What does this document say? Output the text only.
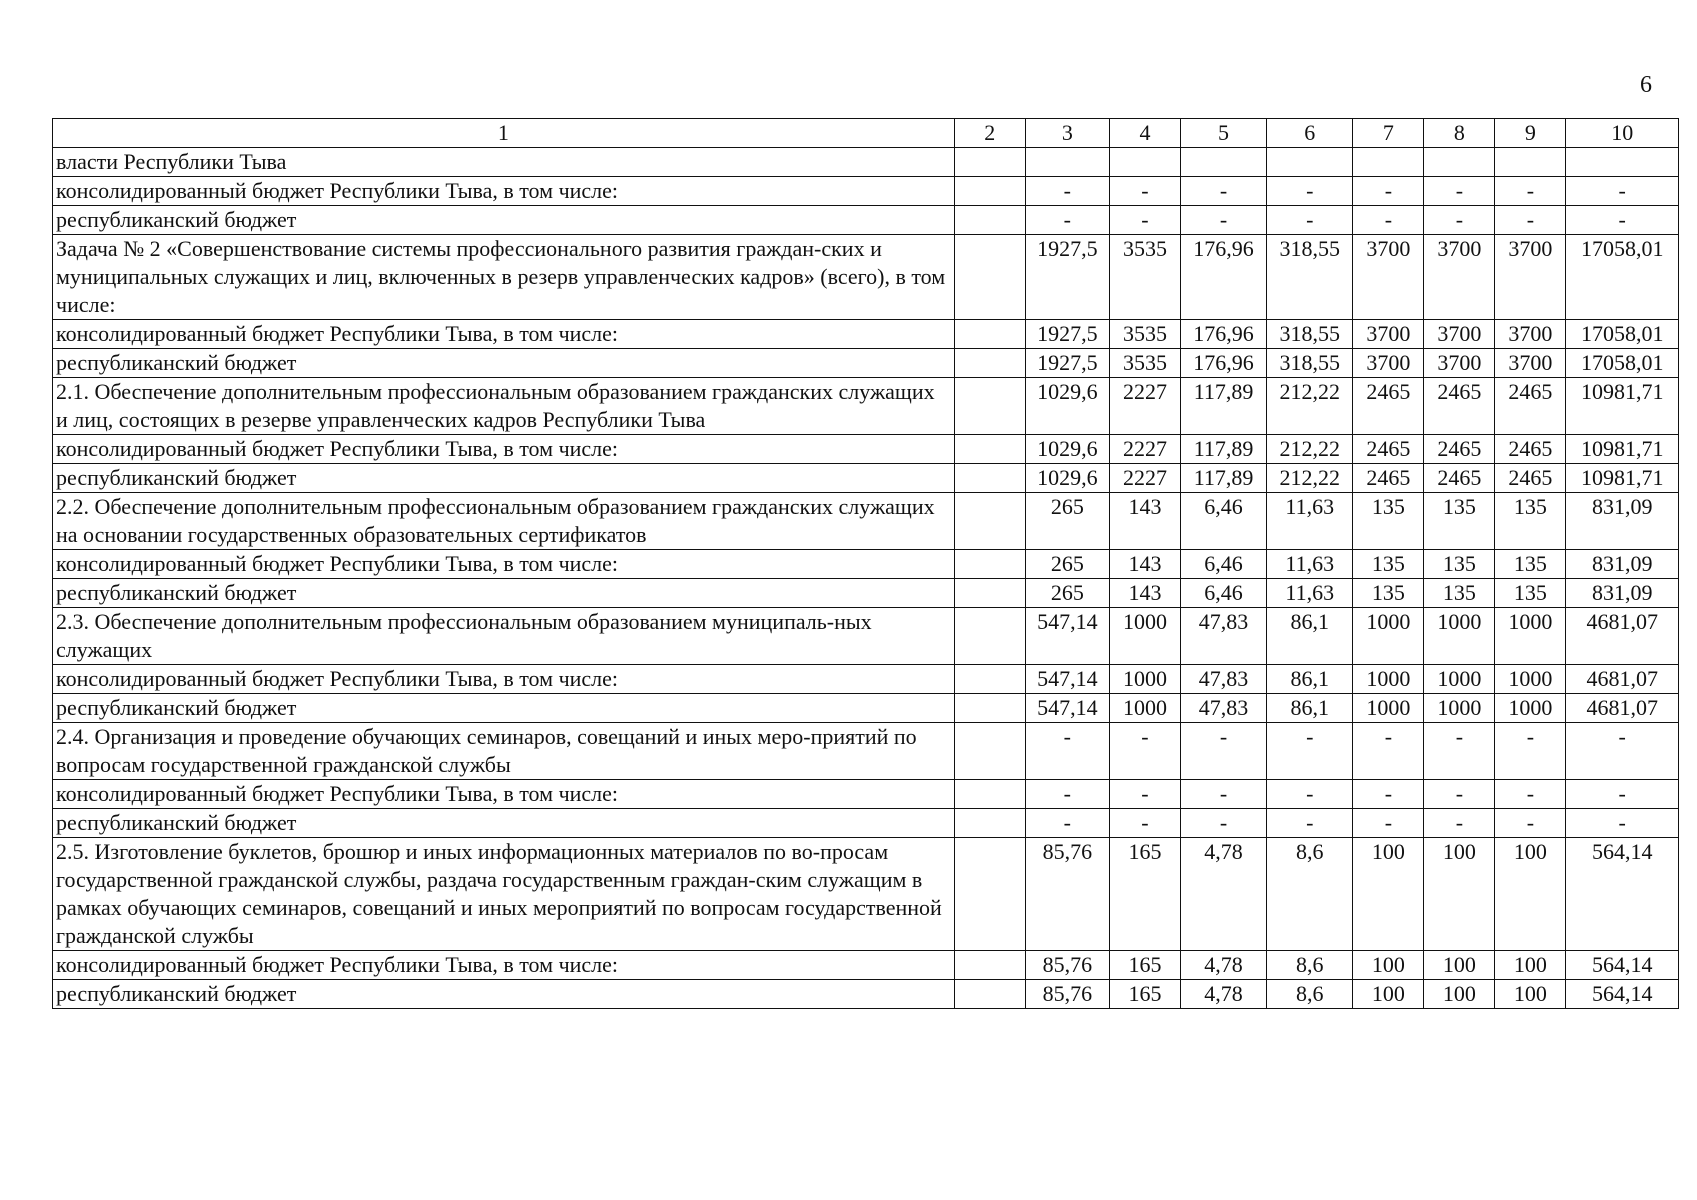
6
1	2	3	4	5	6	7	8	9	10
власти Республики Тыва									
консолидированный бюджет Республики Тыва, в том числе:		-	-	-	-	-	-	-	-
республиканский бюджет		-	-	-	-	-	-	-	-
Задача № 2 «Совершенствование системы профессионального развития граждан-ских и муниципальных служащих и лиц, включенных в резерв управленческих кадров» (всего), в том числе:		1927,5	3535	176,96	318,55	3700	3700	3700	17058,01
консолидированный бюджет Республики Тыва, в том числе:		1927,5	3535	176,96	318,55	3700	3700	3700	17058,01
республиканский бюджет		1927,5	3535	176,96	318,55	3700	3700	3700	17058,01
2.1. Обеспечение дополнительным профессиональным образованием гражданских служащих и лиц, состоящих в резерве управленческих кадров Республики Тыва		1029,6	2227	117,89	212,22	2465	2465	2465	10981,71
консолидированный бюджет Республики Тыва, в том числе:		1029,6	2227	117,89	212,22	2465	2465	2465	10981,71
республиканский бюджет		1029,6	2227	117,89	212,22	2465	2465	2465	10981,71
2.2. Обеспечение дополнительным профессиональным образованием гражданских служащих на основании государственных образовательных сертификатов		265	143	6,46	11,63	135	135	135	831,09
консолидированный бюджет Республики Тыва, в том числе:		265	143	6,46	11,63	135	135	135	831,09
республиканский бюджет		265	143	6,46	11,63	135	135	135	831,09
2.3. Обеспечение дополнительным профессиональным образованием муниципаль-ных служащих		547,14	1000	47,83	86,1	1000	1000	1000	4681,07
консолидированный бюджет Республики Тыва, в том числе:		547,14	1000	47,83	86,1	1000	1000	1000	4681,07
республиканский бюджет		547,14	1000	47,83	86,1	1000	1000	1000	4681,07
2.4. Организация и проведение обучающих семинаров, совещаний и иных меро-приятий по вопросам государственной гражданской службы		-	-	-	-	-	-	-	-
консолидированный бюджет Республики Тыва, в том числе:		-	-	-	-	-	-	-	-
республиканский бюджет		-	-	-	-	-	-	-	-
2.5. Изготовление буклетов, брошюр и иных информационных материалов по во-просам государственной гражданской службы, раздача государственным граждан-ским служащим в рамках обучающих семинаров, совещаний и иных мероприятий по вопросам государственной гражданской службы		85,76	165	4,78	8,6	100	100	100	564,14
консолидированный бюджет Республики Тыва, в том числе:		85,76	165	4,78	8,6	100	100	100	564,14
республиканский бюджет		85,76	165	4,78	8,6	100	100	100	564,14
